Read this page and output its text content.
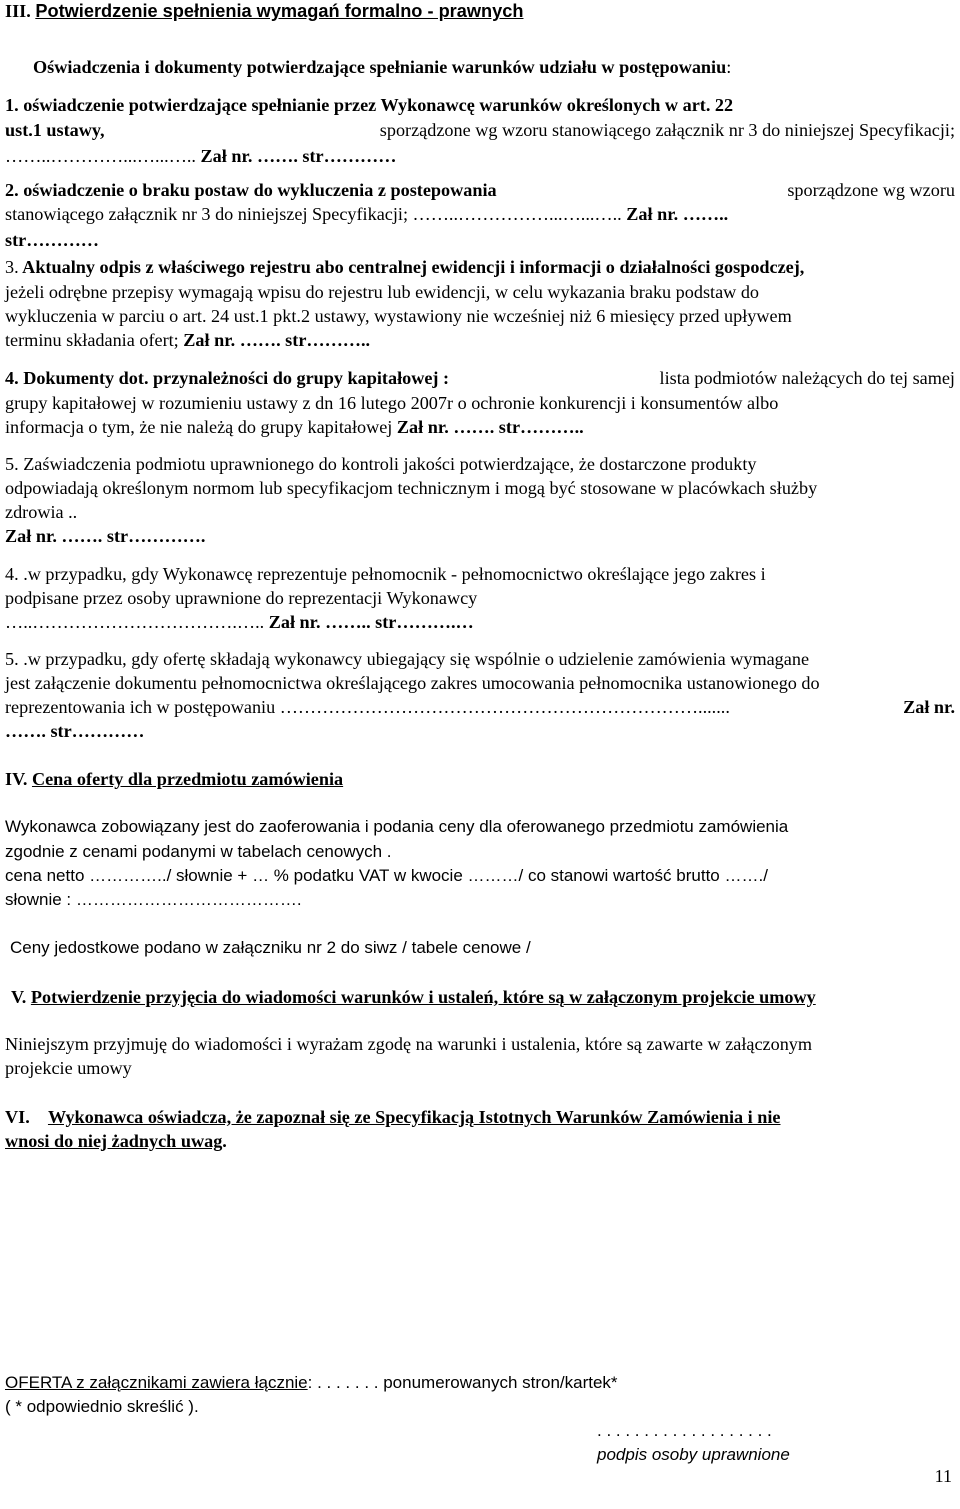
III. Potwierdzenie spełnienia wymagań formalno - prawnych
Oświadczenia i dokumenty potwierdzające spełnianie warunków udziału w postępowaniu:
1. oświadczenie potwierdzające spełnianie przez Wykonawcę warunków określonych w art. 22
ust.1 ustawy,	sporządzone wg wzoru stanowiącego załącznik nr 3 do niniejszej Specyfikacji;
……..…………...…...….. Zał nr. ……. str…………
2. oświadczenie o braku postaw do wykluczenia z postepowania	sporządzone wg wzoru
stanowiącego załącznik nr 3 do niniejszej Specyfikacji; ……..……………...…...….. Zał nr. ……..
str…………
3. Aktualny odpis z właściwego rejestru abo centralnej ewidencji i informacji o działalności gospodczej,
jeżeli odrębne przepisy wymagają wpisu do rejestru lub ewidencji, w celu wykazania braku podstaw do
wykluczenia w parciu o art. 24 ust.1 pkt.2 ustawy, wystawiony nie wcześniej niż 6 miesięcy przed upływem
terminu składania ofert; Zał nr. ……. str………..
4. Dokumenty dot. przynależności do grupy kapitałowej :	lista podmiotów należących do tej samej
grupy kapitałowej w rozumieniu ustawy z dn 16 lutego 2007r o ochronie konkurencji i konsumentów albo
informacja o tym, że nie należą do grupy kapitałowej Zał nr. ……. str………..
5. Zaświadczenia podmiotu uprawnionego do kontroli jakości potwierdzające, że dostarczone produkty
odpowiadają określonym normom lub specyfikacjom technicznym i mogą być stosowane w placówkach służby
zdrowia ..
Zał nr. ……. str………….
4. .w przypadku, gdy Wykonawcę reprezentuje pełnomocnik - pełnomocnictwo określające jego zakres i
podpisane przez osoby uprawnione do reprezentacji Wykonawcy
…..…………………………….….. Zał nr. …….. str……….…
5. .w przypadku, gdy ofertę składają wykonawcy ubiegający się wspólnie o udzielenie zamówienia wymagane
jest załączenie dokumentu pełnomocnictwa określającego zakres umocowania pełnomocnika ustanowionego do
reprezentowania ich w postępowaniu …………………………………………………………….......	Zał nr.
……. str…………
IV. Cena oferty dla przedmiotu zamówienia
Wykonawca zobowiązany jest do zaoferowania i podania ceny dla oferowanego przedmiotu zamówienia
zgodnie z cenami podanymi w tabelach cenowych .
cena netto …………../ słownie + … % podatku VAT w kwocie ………/ co stanowi wartość brutto ……./
słownie : ………………………………….
Ceny jedostkowe podano w załączniku nr 2 do siwz / tabele cenowe /
V. Potwierdzenie przyjęcia do wiadomości warunków i ustaleń, które są w załączonym projekcie umowy
Niniejszym przyjmuję do wiadomości i wyrażam zgodę na warunki i ustalenia, które są zawarte w załączonym
projekcie umowy
VI. Wykonawca oświadcza, że zapoznał się ze Specyfikacją Istotnych Warunków Zamówienia i nie
wnosi do niej żadnych uwag.
OFERTA z załącznikami zawiera łącznie: . . . . . . . ponumerowanych stron/kartek*
( * odpowiednio skreślić ).
. . . . . . . . . . . . . . . . . . .
podpis osoby uprawnione
11
